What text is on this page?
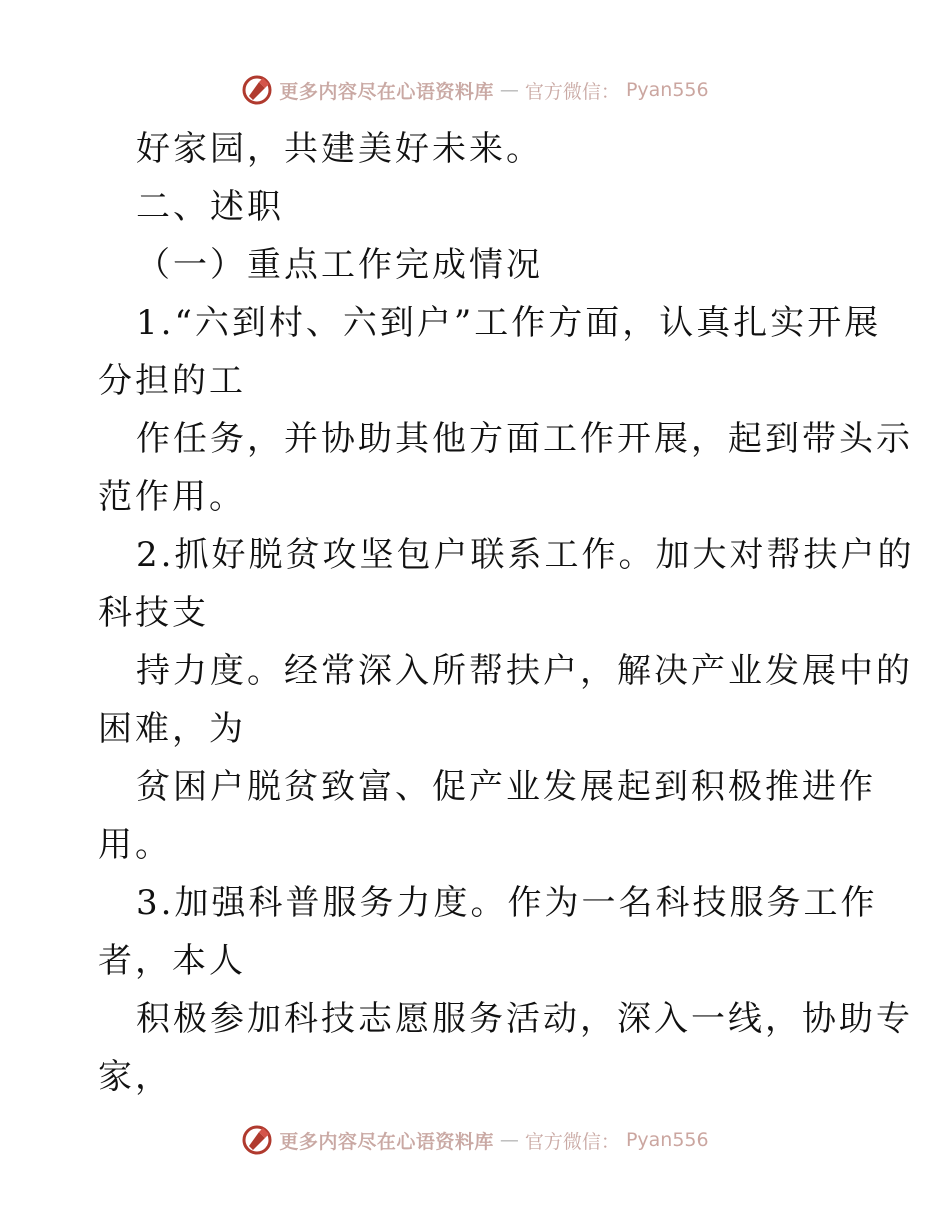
更多内容尽在心语资料库 — 官方微信： Pyan556
好家园，共建美好未来。
二、述职
（一）重点工作完成情况
1.“六到村、六到户”工作方面，认真扎实开展
分担的工
作任务，并协助其他方面工作开展，起到带头示
范作用。
2.抓好脱贫攻坚包户联系工作。加大对帮扶户的
科技支
持力度。经常深入所帮扶户，解决产业发展中的
困难，为
贫困户脱贫致富、促产业发展起到积极推进作
用。
3.加强科普服务力度。作为一名科技服务工作
者，本人
积极参加科技志愿服务活动，深入一线，协助专
家，
更多内容尽在心语资料库 — 官方微信： Pyan556
